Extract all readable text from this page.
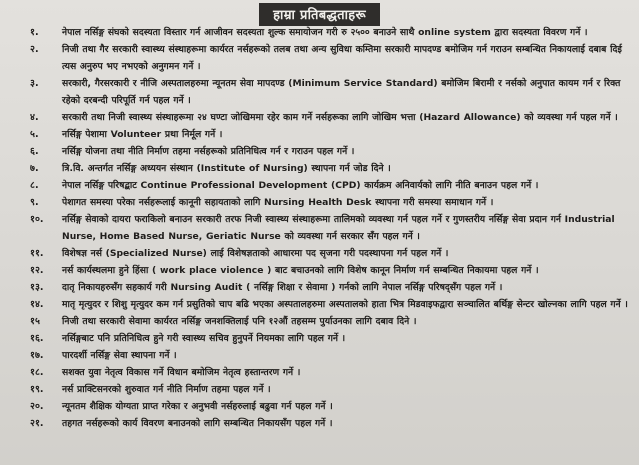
हाम्रा प्रतिबद्धताहरू
१.	नेपाल नर्सिङ्ग संघको सदस्यता विस्तार गर्न आजीवन सदस्यता शुल्क समायोजन गरी रु २५०० बनाउने साथै online system द्वारा सदस्यता विवरण गर्ने ।
२.	निजी तथा गैर सरकारी स्वास्थ्य संस्थाहरूमा कार्यरत नर्सहरूको तलब तथा अन्य सुविधा कम्तिमा सरकारी मापदण्ड बमोजिम गर्न गराउन सम्बन्धित निकायलाई दबाब दिई त्यस अनुरुप भए नभएको अनुगमन गर्ने ।
३.	सरकारी, गैरसरकारी र नीजि अस्पतालहरुमा न्यूनतम सेवा मापदण्ड (Minimum Service Standard) बमोजिम बिरामी र नर्सको अनुपात कायम गर्न र रिक्त रहेको दरबन्दी परिपूर्ति गर्न पहल गर्ने ।
४.	सरकारी तथा निजी स्वास्थ्य संस्थाहरूमा २४ घण्टा जोखिममा रहेर काम गर्ने नर्सहरूका लागि जोखिम भत्ता (Hazard Allowance) को व्यवस्था गर्न पहल गर्ने ।
५.	नर्सिङ्ग पेशामा Volunteer प्रथा निर्मूल गर्ने ।
६.	नर्सिङ्ग योजना तथा नीति निर्माण तहमा नर्सहरूको प्रतिनिधित्व गर्न र गराउन पहल गर्ने ।
७.	त्रि.वि. अन्तर्गत नर्सिङ्ग अध्ययन संस्थान (Institute of Nursing) स्थापना गर्न जोड दिने ।
८.	नेपाल नर्सिङ्ग परिषद्बाट Continue Professional Development (CPD) कार्यक्रम अनिवार्यको लागि नीति बनाउन पहल गर्ने ।
९.	पेशागत समस्या परेका नर्सहरूलाई कानूनी सहायताको लागि Nursing Health Desk स्थापना गरी समस्या समाधान गर्ने ।
१०.	नर्सिङ्ग सेवाको दायरा फराकिलो बनाउन सरकारी तरफ निजी स्वास्थ्य संस्थाहरूमा तालिमको व्यवस्था गर्न पहल गर्ने र गुणस्तरीय नर्सिङ्ग सेवा प्रदान गर्न Industrial Nurse, Home Based Nurse, Geriatic Nurse को व्यवस्था गर्न सरकार सँग पहल गर्ने ।
११.	विशेषज्ञ नर्स (Specialized Nurse) लाई विशेषज्ञताको आधारमा पद सृजना गरी पदस्थापना गर्न पहल गर्ने ।
१२.	नर्स कार्यस्थलमा हुने हिंसा ( work place violence ) बाट बचाउनको लागि विशेष कानून निर्माण गर्न सम्बन्धित निकायमा पहल गर्ने ।
१३.	दातृ निकायहरुसँग सहकार्य गरी Nursing Audit ( नर्सिङ्ग शिक्षा र सेवामा ) गर्नको लागि नेपाल नर्सिङ्ग परिषद्सँग पहल गर्ने ।
१४.	मातृ मृत्युदर र शिशु मृत्युदर कम गर्न प्रसुतिको चाप बढि भएका अस्पतालहरुमा अस्पतालको हाता भित्र मिडवाइफद्वारा सञ्चालित बर्थिङ्ग सेन्टर खोल्नका लागि पहल गर्ने ।
१५	निजी तथा सरकारी सेवामा कार्यरत नर्सिङ्ग जनशक्तिलाई पनि १२औं तहसम्म पुर्याउनका लागि दबाव दिने ।
१६.	नर्सिङ्गबाट पनि प्रतिनिधित्व हुने गरी स्वास्थ्य सचिव हुनुपर्ने नियमका लागि पहल गर्ने ।
१७.	पारदर्शी नर्सिङ्ग सेवा स्थापना गर्ने ।
१८.	सशक्त युवा नेतृत्व विकास गर्ने विधान बमोजिम नेतृत्व हस्तान्तरण गर्ने ।
१९.	नर्स प्राक्टिसनरको शुरुवात गर्न नीति निर्माण तहमा पहल गर्ने ।
२०.	न्यूनतम शैक्षिक योग्यता प्राप्त गरेका र अनुभवी नर्सहरुलाई बढुवा गर्न पहल गर्ने ।
२१.	तहगत नर्सहरूको कार्य विवरण बनाउनको लागि सम्बन्धित निकायसँग पहल गर्ने ।
